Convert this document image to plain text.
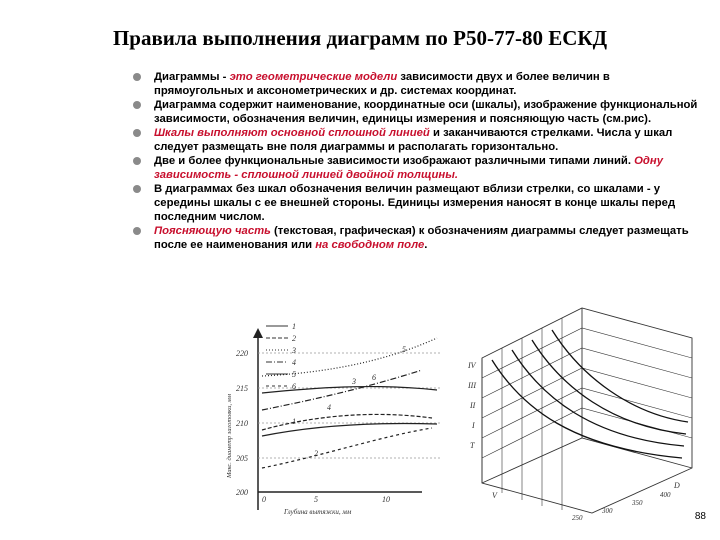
Правила выполнения диаграмм по Р50-77-80 ЕСКД
Диаграммы - это геометрические модели зависимости двух и более величин в прямоугольных и аксонометрических и др. системах координат.
Диаграмма содержит наименование, координатные оси (шкалы), изображение функциональной зависимости, обозначения величин, единицы измерения и поясняющую часть (см.рис).
Шкалы выполняют основной сплошной линией и заканчиваются стрелками. Числа у шкал следует размещать вне поля диаграммы и располагать горизонтально.
Две и более функциональные зависимости изображают различными типами линий. Одну зависимость - сплошной линией двойной толщины.
В диаграммах без шкал обозначения величин размещают вблизи стрелки, со шкалами - у середины шкалы с ее внешней стороны. Единицы измерения наносят в конце шкалы перед последним числом.
Поясняющую часть (текстовая, графическая) к обозначениям диаграммы следует размещать после ее наименования или на свободном поле.
220
215
210
205
200
Макс. диаметр заготовки, мм
0	5	10
Глубина вытяжки, мм
1
2
3
4
5
6
6
4
5
3
1
2
IV
III
II
I
T
V
D
250
300
350
400
88
